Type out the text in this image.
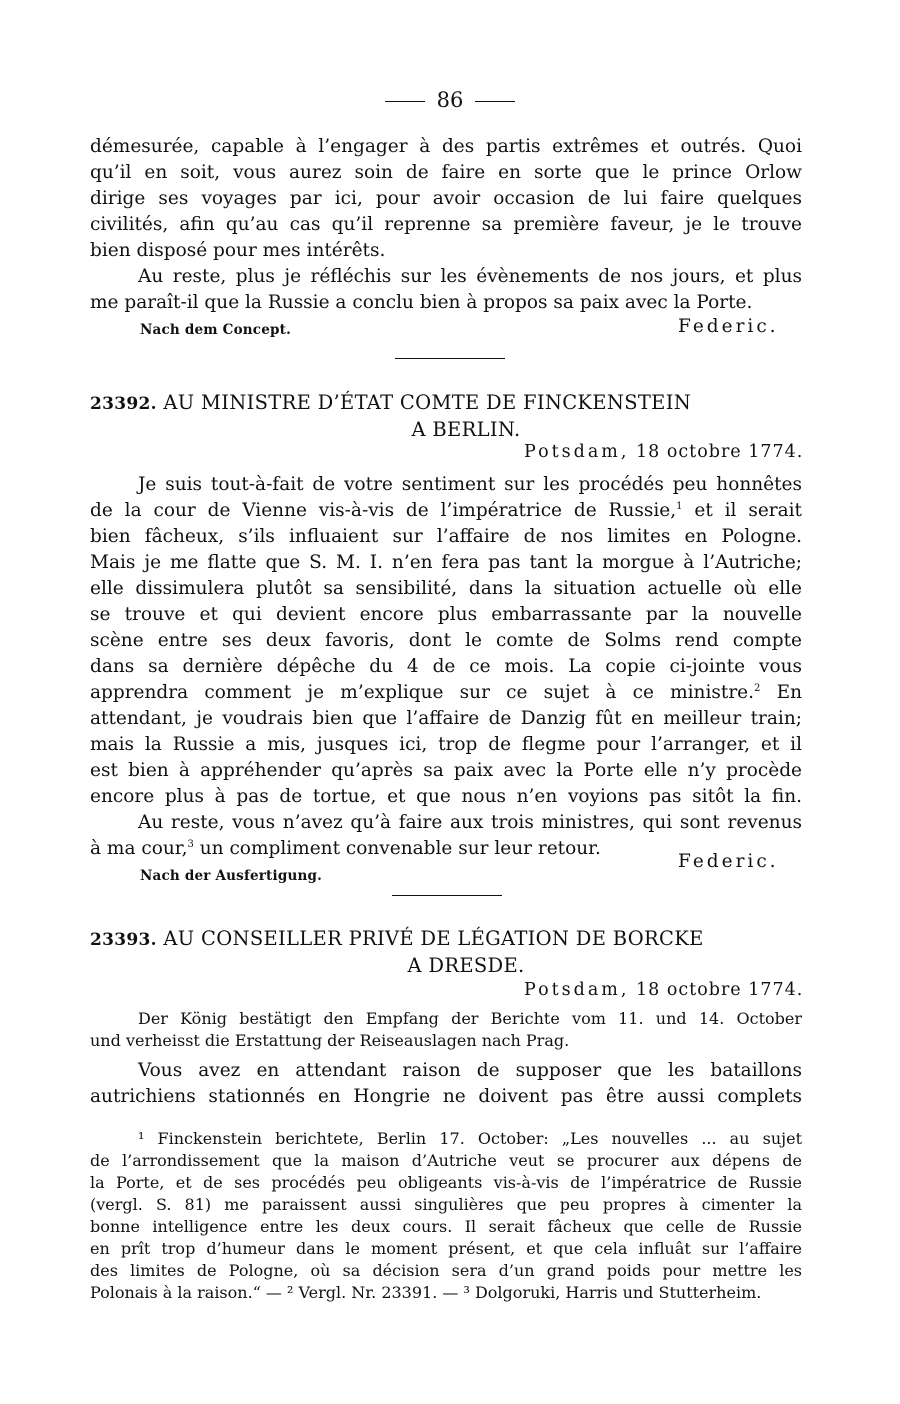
86
démesurée, capable à l’engager à des partis extrêmes et outrés. Quoi
qu’il en soit, vous aurez soin de faire en sorte que le prince Orlow
dirige ses voyages par ici, pour avoir occasion de lui faire quelques
civilités, afin qu’au cas qu’il reprenne sa première faveur, je le trouve
bien disposé pour mes intérêts.
Au reste, plus je réfléchis sur les évènements de nos jours, et plus
me paraît-il que la Russie a conclu bien à propos sa paix avec la Porte.
Nach dem Concept.	Federic.
23392. AU MINISTRE D’ÉTAT COMTE DE FINCKENSTEIN
A BERLIN.
Potsdam, 18 octobre 1774.
Je suis tout-à-fait de votre sentiment sur les procédés peu honnêtes
de la cour de Vienne vis-à-vis de l’impératrice de Russie,$^1$ et il serait
bien fâcheux, s’ils influaient sur l’affaire de nos limites en Pologne.
Mais je me flatte que S. M. I. n’en fera pas tant la morgue à l’Autriche;
elle dissimulera plutôt sa sensibilité, dans la situation actuelle où elle
se trouve et qui devient encore plus embarrassante par la nouvelle
scène entre ses deux favoris, dont le comte de Solms rend compte
dans sa dernière dépêche du 4 de ce mois. La copie ci-jointe vous
apprendra comment je m’explique sur ce sujet à ce ministre.$^2$ En
attendant, je voudrais bien que l’affaire de Danzig fût en meilleur train;
mais la Russie a mis, jusques ici, trop de flegme pour l’arranger, et il
est bien à appréhender qu’après sa paix avec la Porte elle n’y procède
encore plus à pas de tortue, et que nous n’en voyions pas sitôt la fin.
Au reste, vous n’avez qu’à faire aux trois ministres, qui sont revenus
à ma cour,$^3$ un compliment convenable sur leur retour.
Nach der Ausfertigung.
Federic.
23393. AU CONSEILLER PRIVÉ DE LÉGATION DE BORCKE
A DRESDE.
Potsdam, 18 octobre 1774.
Der König bestätigt den Empfang der Berichte vom 11. und 14. October
und verheisst die Erstattung der Reiseauslagen nach Prag.
Vous avez en attendant raison de supposer que les bataillons
autrichiens stationnés en Hongrie ne doivent pas être aussi complets
¹ Finckenstein berichtete, Berlin 17. October: „Les nouvelles ... au sujet
de l’arrondissement que la maison d’Autriche veut se procurer aux dépens de
la Porte, et de ses procédés peu obligeants vis-à-vis de l’impératrice de Russie
(vergl. S. 81) me paraissent aussi singulières que peu propres à cimenter la
bonne intelligence entre les deux cours. Il serait fâcheux que celle de Russie
en prît trop d’humeur dans le moment présent, et que cela influât sur l’affaire
des limites de Pologne, où sa décision sera d’un grand poids pour mettre les
Polonais à la raison.“ — ² Vergl. Nr. 23391. — ³ Dolgoruki, Harris und Stutterheim.
